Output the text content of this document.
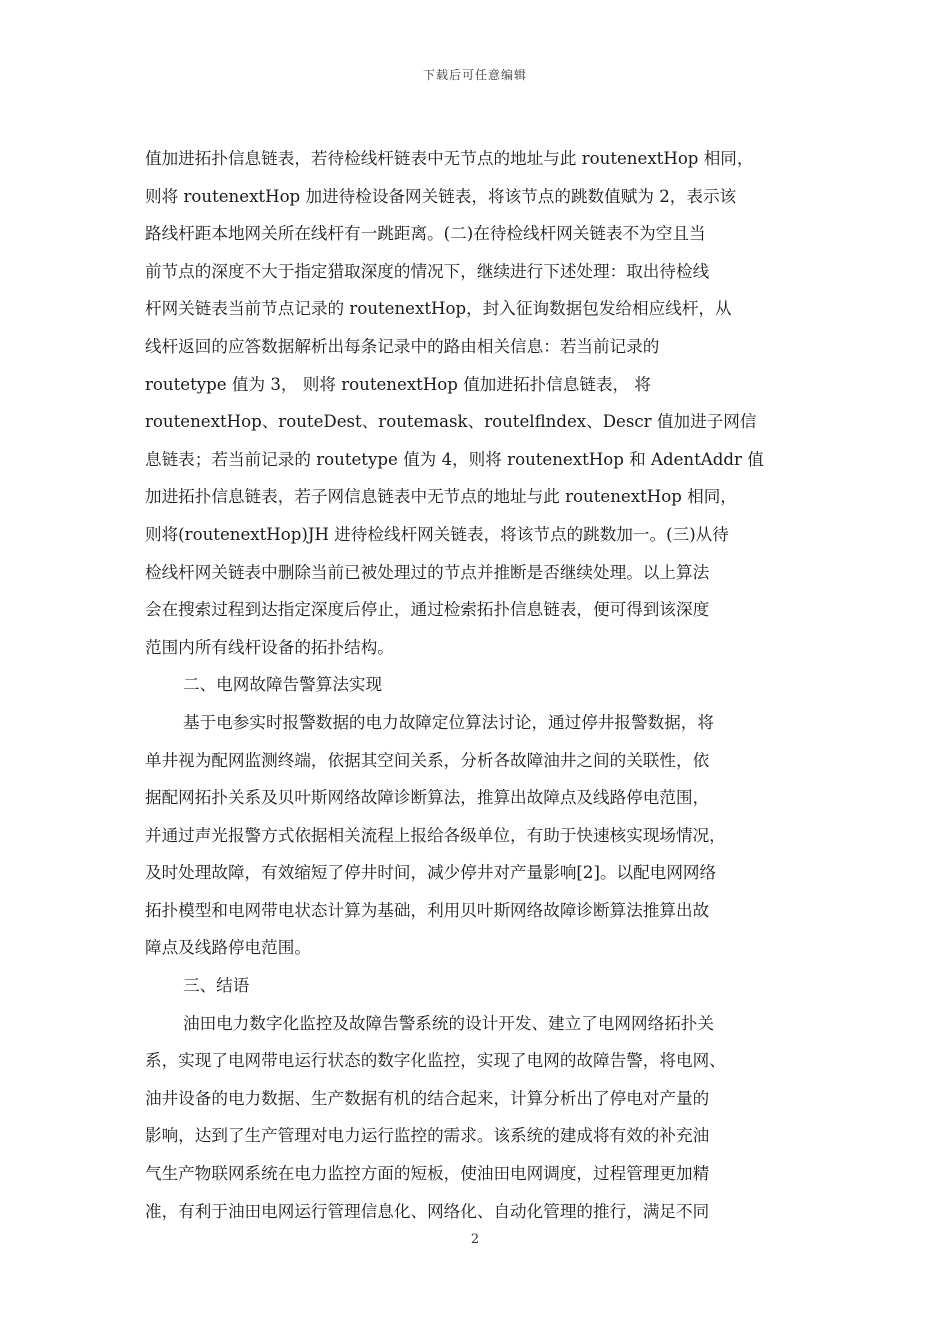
下载后可任意编辑
值加进拓扑信息链表，若待检线杆链表中无节点的地址与此 routenextHop 相同，
则将 routenextHop 加进待检设备网关链表，将该节点的跳数值赋为 2，表示该
路线杆距本地网关所在线杆有一跳距离。(二)在待检线杆网关链表不为空且当
前节点的深度不大于指定猎取深度的情况下，继续进行下述处理：取出待检线
杆网关链表当前节点记录的 routenextHop，封入征询数据包发给相应线杆，从
线杆返回的应答数据解析出每条记录中的路由相关信息：若当前记录的
routetype 值为 3， 则将 routenextHop 值加进拓扑信息链表， 将
routenextHop、routeDest、routemask、routelflndex、Descr 值加进子网信
息链表；若当前记录的 routetype 值为 4，则将 routenextHop 和 AdentAddr 值
加进拓扑信息链表，若子网信息链表中无节点的地址与此 routenextHop 相同，
则将(routenextHop)JH 进待检线杆网关链表，将该节点的跳数加一。(三)从待
检线杆网关链表中删除当前已被处理过的节点并推断是否继续处理。以上算法
会在搜索过程到达指定深度后停止，通过检索拓扑信息链表，便可得到该深度
范围内所有线杆设备的拓扑结构。
二、电网故障告警算法实现
基于电参实时报警数据的电力故障定位算法讨论，通过停井报警数据，将
单井视为配网监测终端，依据其空间关系，分析各故障油井之间的关联性，依
据配网拓扑关系及贝叶斯网络故障诊断算法，推算出故障点及线路停电范围，
并通过声光报警方式依据相关流程上报给各级单位，有助于快速核实现场情况，
及时处理故障，有效缩短了停井时间，减少停井对产量影响[2]。以配电网网络
拓扑模型和电网带电状态计算为基础，利用贝叶斯网络故障诊断算法推算出故
障点及线路停电范围。
三、结语
油田电力数字化监控及故障告警系统的设计开发、建立了电网网络拓扑关
系，实现了电网带电运行状态的数字化监控，实现了电网的故障告警，将电网、
油井设备的电力数据、生产数据有机的结合起来，计算分析出了停电对产量的
影响，达到了生产管理对电力运行监控的需求。该系统的建成将有效的补充油
气生产物联网系统在电力监控方面的短板，使油田电网调度，过程管理更加精
准，有利于油田电网运行管理信息化、网络化、自动化管理的推行，满足不同
2
